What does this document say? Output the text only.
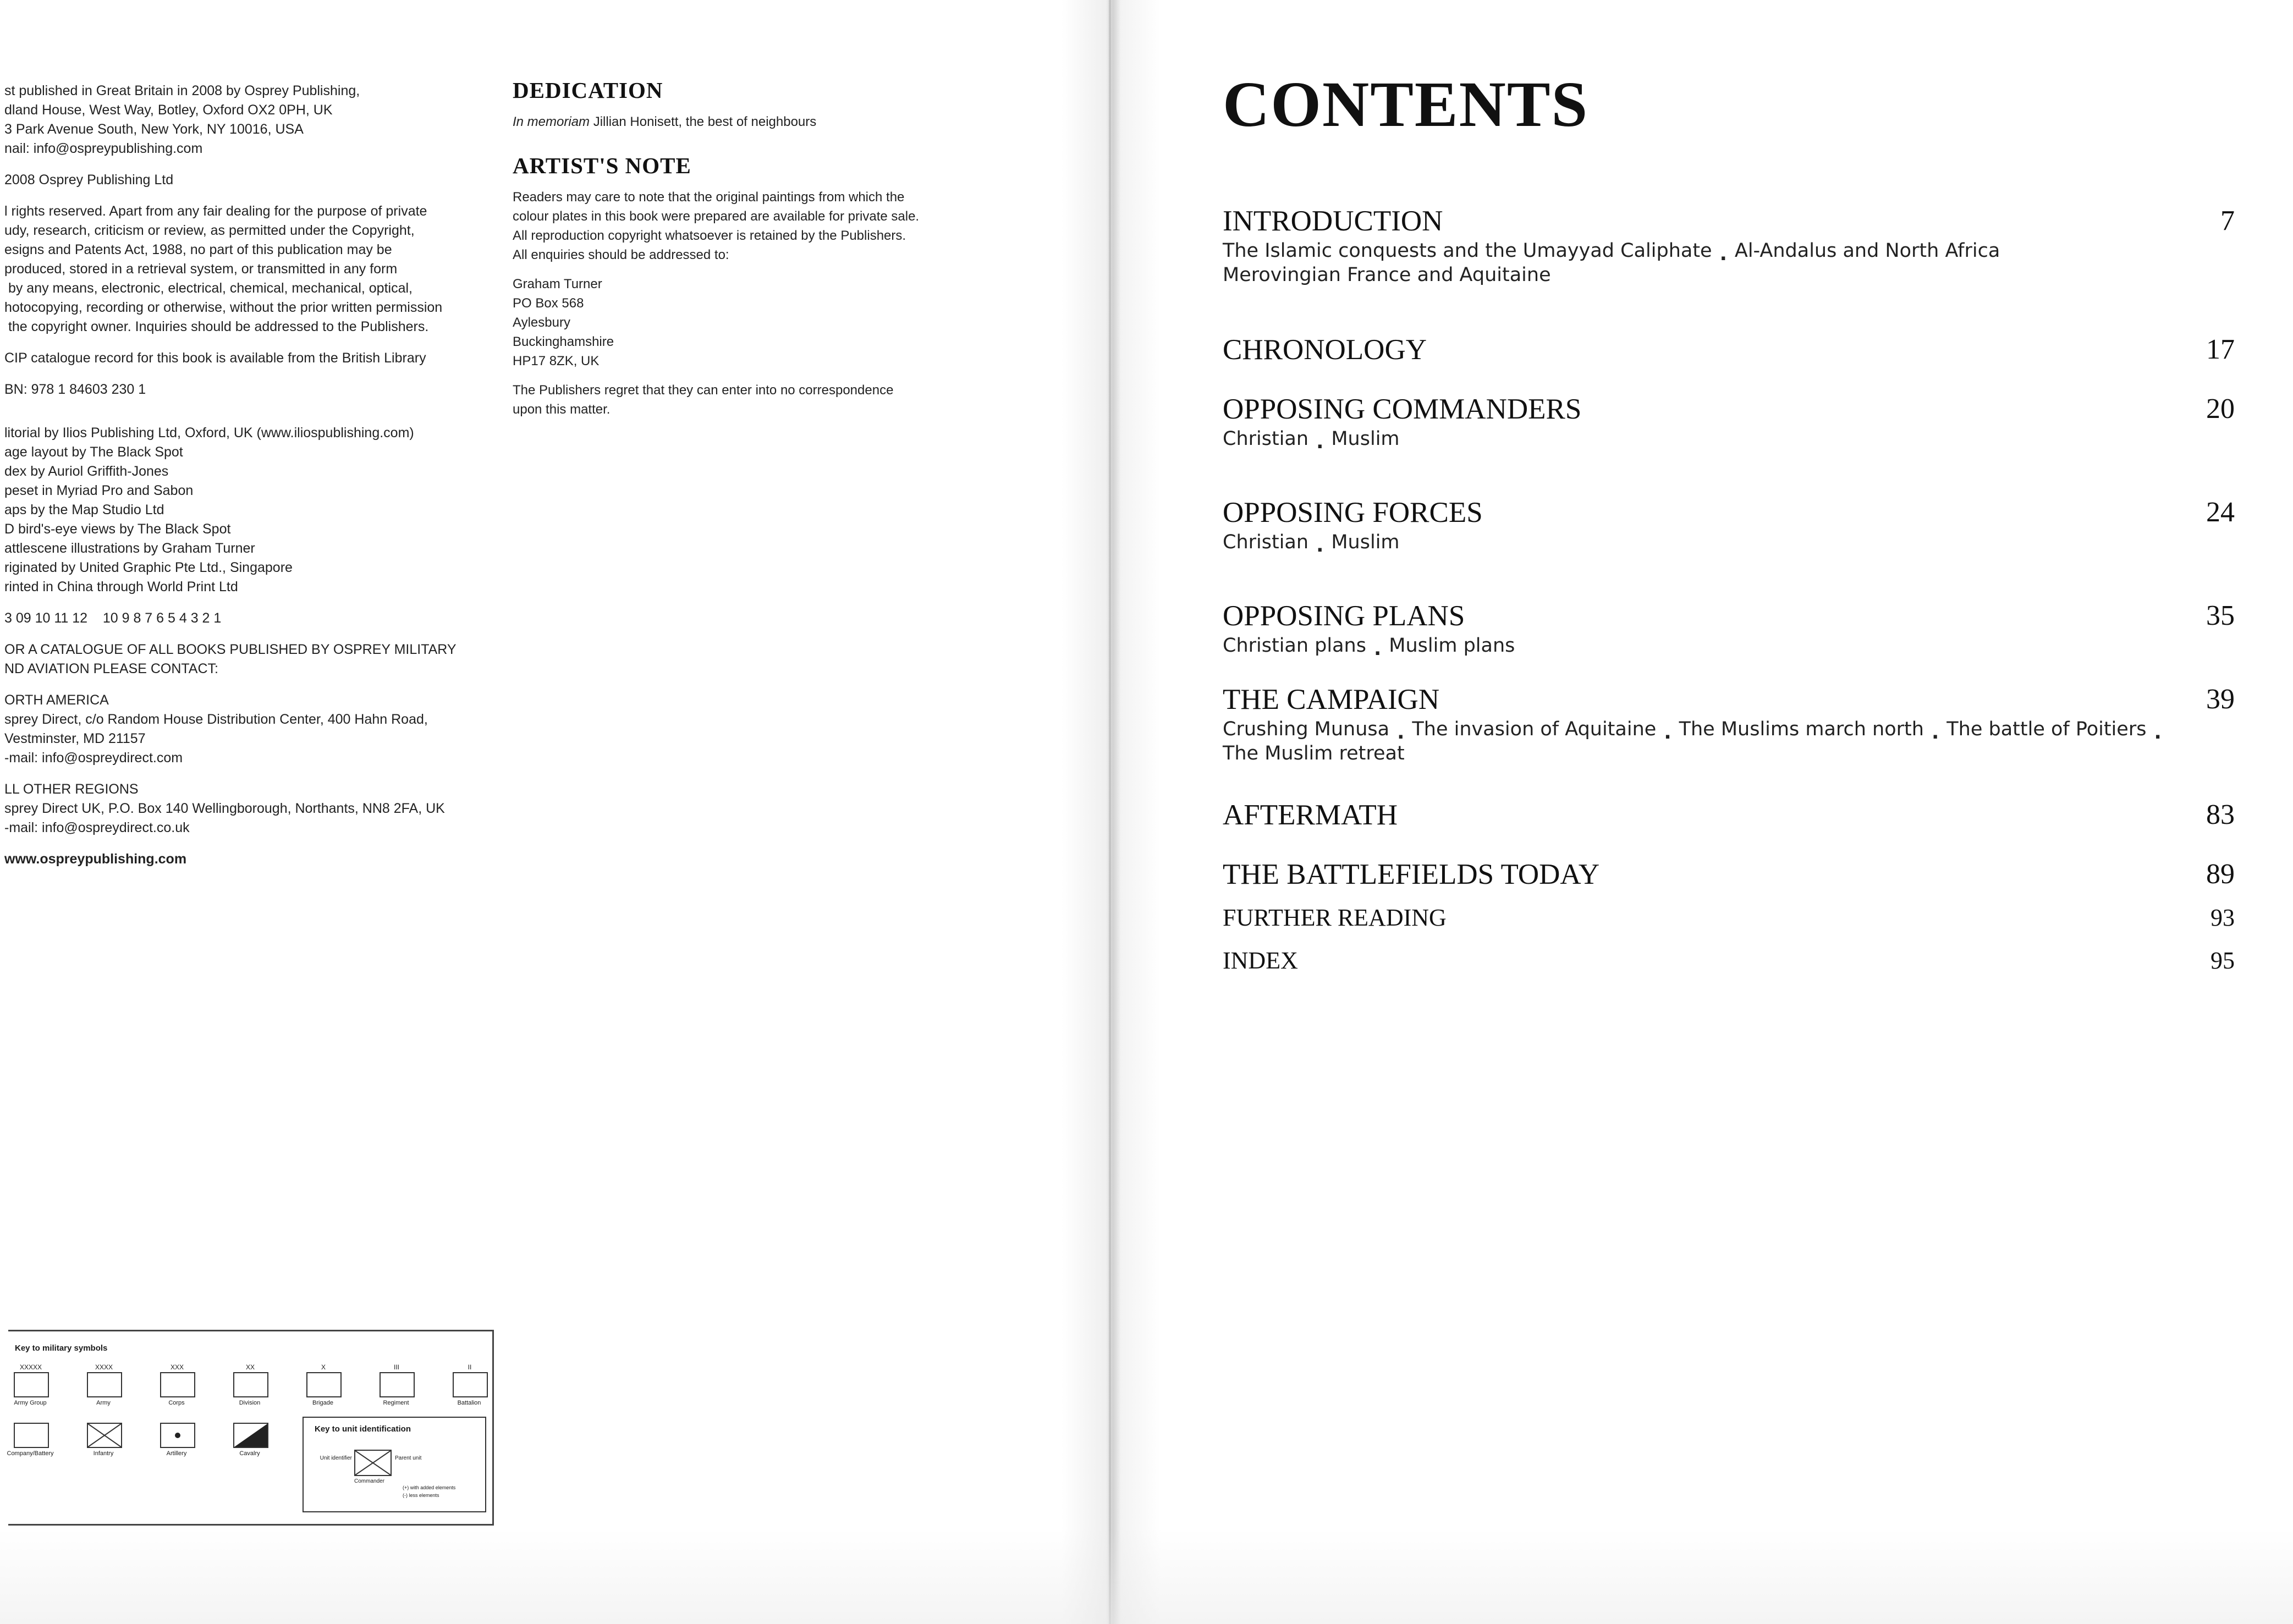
st published in Great Britain in 2008 by Osprey Publishing,

dland House, West Way, Botley, Oxford OX2 0PH, UK

3 Park Avenue South, New York, NY 10016, USA

nail: info@ospreypublishing.com

2008 Osprey Publishing Ltd

l rights reserved. Apart from any fair dealing for the purpose of private

udy, research, criticism or review, as permitted under the Copyright,

esigns and Patents Act, 1988, no part of this publication may be

produced, stored in a retrieval system, or transmitted in any form

by any means, electronic, electrical, chemical, mechanical, optical,

hotocopying, recording or otherwise, without the prior written permission

the copyright owner. Inquiries should be addressed to the Publishers.

CIP catalogue record for this book is available from the British Library

BN: 978 1 84603 230 1

litorial by Ilios Publishing Ltd, Oxford, UK (www.iliospublishing.com)

age layout by The Black Spot

dex by Auriol Griffith-Jones

peset in Myriad Pro and Sabon

aps by the Map Studio Ltd

D bird's-eye views by The Black Spot

attlescene illustrations by Graham Turner

riginated by United Graphic Pte Ltd., Singapore

rinted in China through World Print Ltd

3 09 10 11 12    10 9 8 7 6 5 4 3 2 1

OR A CATALOGUE OF ALL BOOKS PUBLISHED BY OSPREY MILITARY

ND AVIATION PLEASE CONTACT:

ORTH AMERICA

sprey Direct, c/o Random House Distribution Center, 400 Hahn Road,

Vestminster, MD 21157

-mail: info@ospreydirect.com

LL OTHER REGIONS

sprey Direct UK, P.O. Box 140 Wellingborough, Northants, NN8 2FA, UK

-mail: info@ospreydirect.co.uk

www.ospreypublishing.com

DEDICATION

In memoriam Jillian Honisett, the best of neighbours

ARTIST'S NOTE

Readers may care to note that the original paintings from which the
colour plates in this book were prepared are available for private sale.
All reproduction copyright whatsoever is retained by the Publishers.
All enquiries should be addressed to:

Graham Turner
PO Box 568
Aylesbury
Buckinghamshire
HP17 8ZK, UK

The Publishers regret that they can enter into no correspondence
upon this matter.

Key to military symbols
XXXXX
Army Group
XXXX
Army
XXX
Corps
XX
Division
X
Brigade
III
Regiment
II
Battalion
Company/Battery	Infantry	Artillery	Cavalry
Key to unit identification
Unit identifier	Parent unit
Commander
(+) with added elements
(-) less elements
CONTENTS
INTRODUCTION	7
The Islamic conquests and the Umayyad Caliphate . Al-Andalus and North Africa
Merovingian France and Aquitaine
CHRONOLOGY	17
OPPOSING COMMANDERS	20
Christian . Muslim
OPPOSING FORCES	24
Christian . Muslim
OPPOSING PLANS	35
Christian plans . Muslim plans
THE CAMPAIGN	39
Crushing Munusa . The invasion of Aquitaine . The Muslims march north . The battle of Poitiers .
The Muslim retreat
AFTERMATH	83
THE BATTLEFIELDS TODAY	89
FURTHER READING	93
INDEX	95
